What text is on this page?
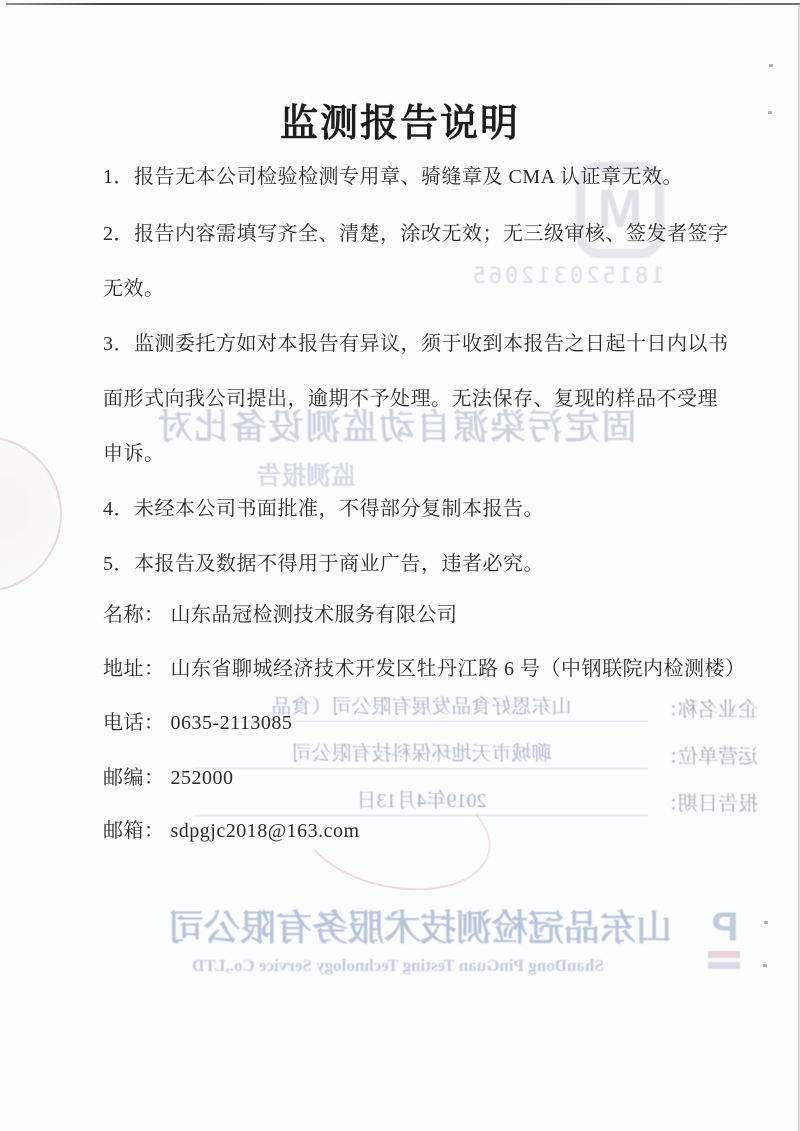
M
181520312065
固定污染源自动监测设备比对
监测报告
企业名称：
山东恩好食品发展有限公司（食品
运营单位：
聊城市天地环保科技有限公司
报告日期：
2019年4月13日
山东品冠检测技术服务有限公司
ShanDong PinGuan Testing Technology Service Co.,LTD
P
监测报告说明
1．报告无本公司检验检测专用章、骑缝章及 CMA 认证章无效。
2．报告内容需填写齐全、清楚，涂改无效；无三级审核、签发者签字
无效。
3．监测委托方如对本报告有异议，须于收到本报告之日起十日内以书
面形式向我公司提出，逾期不予处理。无法保存、复现的样品不受理
申诉。
4．未经本公司书面批准，不得部分复制本报告。
5．本报告及数据不得用于商业广告，违者必究。
名称： 山东品冠检测技术服务有限公司
地址： 山东省聊城经济技术开发区牡丹江路 6 号（中钢联院内检测楼）
电话： 0635-2113085
邮编： 252000
邮箱： sdpgjc2018@163.com
